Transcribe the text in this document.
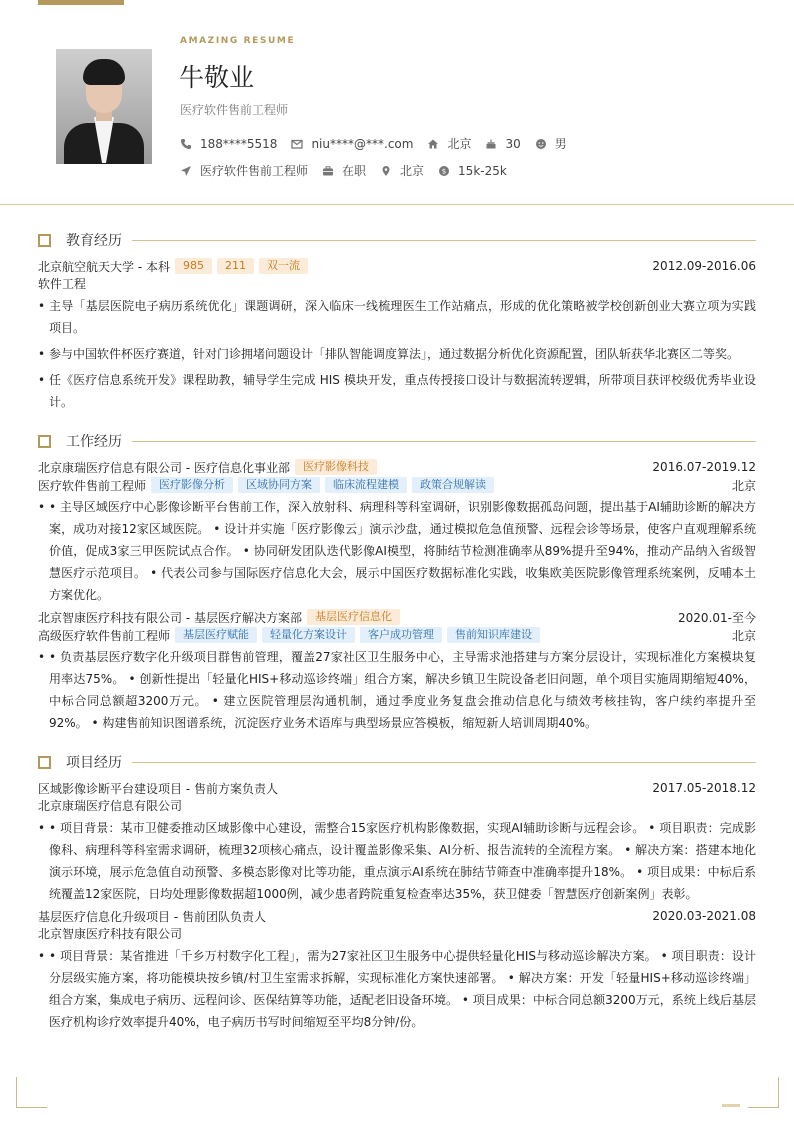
AMAZING RESUME
牛敬业
医疗软件售前工程师
188****5518	niu****@***.com	北京	30	男
医疗软件售前工程师	在职	北京	$ 15k-25k
教育经历
北京航空航天大学 - 本科	985	211	双一流	2012.09-2016.06
软件工程
• 主导「基层医院电子病历系统优化」课题调研，深入临床一线梳理医生工作站痛点，形成的优化策略被学校创新创业大赛立项为实践项目。
• 参与中国软件杯医疗赛道，针对门诊拥堵问题设计「排队智能调度算法」，通过数据分析优化资源配置，团队斩获华北赛区二等奖。
• 任《医疗信息系统开发》课程助教，辅导学生完成 HIS 模块开发，重点传授接口设计与数据流转逻辑，所带项目获评校级优秀毕业设计。
工作经历
北京康瑞医疗信息有限公司 - 医疗信息化事业部	医疗影像科技	2016.07-2019.12
医疗软件售前工程师	医疗影像分析	区域协同方案	临床流程建模	政策合规解读	北京
• • 主导区域医疗中心影像诊断平台售前工作，深入放射科、病理科等科室调研，识别影像数据孤岛问题，提出基于AI辅助诊断的解决方案，成功对接12家区域医院。 • 设计并实施「医疗影像云」演示沙盘，通过模拟危急值预警、远程会诊等场景，使客户直观理解系统价值，促成3家三甲医院试点合作。 • 协同研发团队迭代影像AI模型，将肺结节检测准确率从89%提升至94%，推动产品纳入省级智慧医疗示范项目。 • 代表公司参与国际医疗信息化大会，展示中国医疗数据标准化实践，收集欧美医院影像管理系统案例，反哺本土方案优化。
北京智康医疗科技有限公司 - 基层医疗解决方案部	基层医疗信息化	2020.01-至今
高级医疗软件售前工程师	基层医疗赋能	轻量化方案设计	客户成功管理	售前知识库建设	北京
• • 负责基层医疗数字化升级项目群售前管理，覆盖27家社区卫生服务中心，主导需求池搭建与方案分层设计，实现标准化方案模块复用率达75%。 • 创新性提出「轻量化HIS+移动巡诊终端」组合方案，解决乡镇卫生院设备老旧问题，单个项目实施周期缩短40%，中标合同总额超3200万元。 • 建立医院管理层沟通机制，通过季度业务复盘会推动信息化与绩效考核挂钩，客户续约率提升至92%。 • 构建售前知识图谱系统，沉淀医疗业务术语库与典型场景应答模板，缩短新人培训周期40%。
项目经历
区域影像诊断平台建设项目 - 售前方案负责人	2017.05-2018.12
北京康瑞医疗信息有限公司
• • 项目背景：某市卫健委推动区域影像中心建设，需整合15家医疗机构影像数据，实现AI辅助诊断与远程会诊。 • 项目职责：完成影像科、病理科等科室需求调研，梳理32项核心痛点，设计覆盖影像采集、AI分析、报告流转的全流程方案。 • 解决方案：搭建本地化演示环境，展示危急值自动预警、多模态影像对比等功能，重点演示AI系统在肺结节筛查中准确率提升18%。 • 项目成果：中标后系统覆盖12家医院，日均处理影像数据超1000例，减少患者跨院重复检查率达35%，获卫健委「智慧医疗创新案例」表彰。
基层医疗信息化升级项目 - 售前团队负责人	2020.03-2021.08
北京智康医疗科技有限公司
• • 项目背景：某省推进「千乡万村数字化工程」，需为27家社区卫生服务中心提供轻量化HIS与移动巡诊解决方案。 • 项目职责：设计分层级实施方案，将功能模块按乡镇/村卫生室需求拆解，实现标准化方案快速部署。 • 解决方案：开发「轻量HIS+移动巡诊终端」组合方案，集成电子病历、远程问诊、医保结算等功能，适配老旧设备环境。 • 项目成果：中标合同总额3200万元，系统上线后基层医疗机构诊疗效率提升40%，电子病历书写时间缩短至平均8分钟/份。
